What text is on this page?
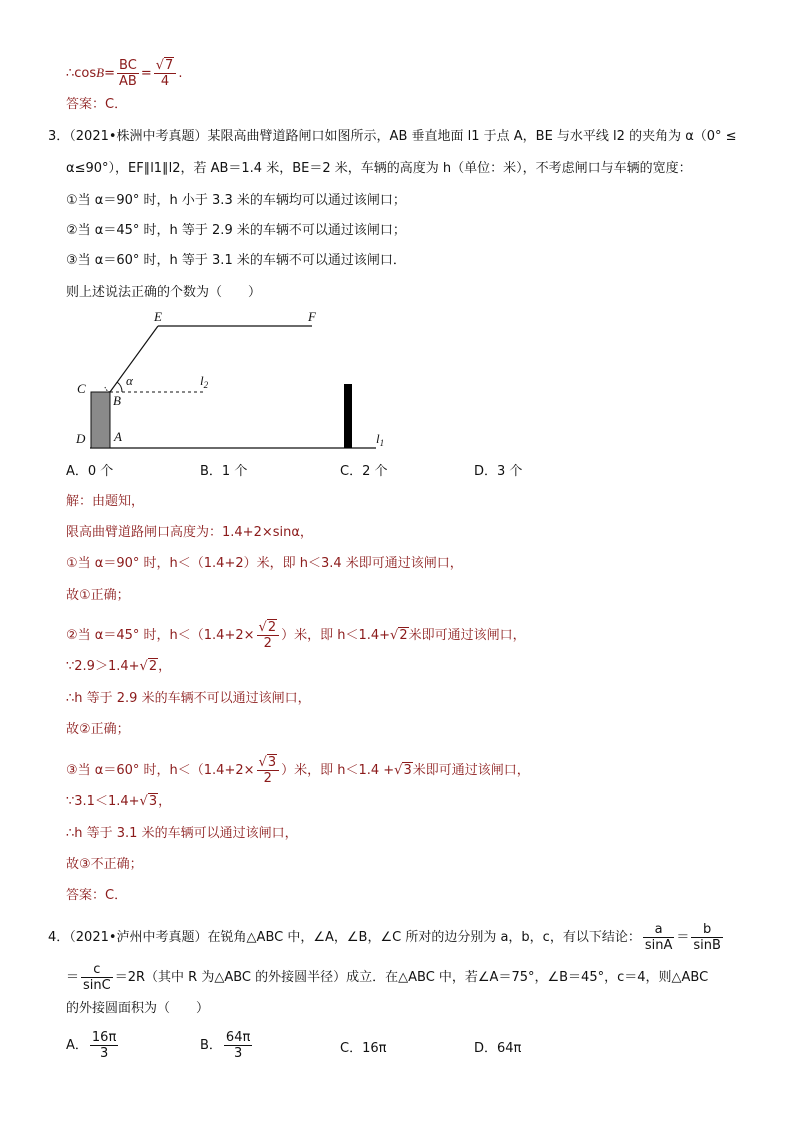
∴cosB= $\frac{BC}{AB} = \frac{√7}{4}$ .
答案：C．
3．（2021•株洲中考真题）某限高曲臂道路闸口如图所示，AB 垂直地面 l1 于点 A，BE 与水平线 l2 的夹角为 α（0° ≤
α≤90°），EF∥l1∥l2，若 AB＝1.4 米，BE＝2 米，车辆的高度为 h（单位：米），不考虑闸口与车辆的宽度：
①当 α＝90° 时，h 小于 3.3 米的车辆均可以通过该闸口；
②当 α＝45° 时，h 等于 2.9 米的车辆不可以通过该闸口；
③当 α＝60° 时，h 等于 3.1 米的车辆不可以通过该闸口．
则上述说法正确的个数为（　　）
E	F
C
B
α	$l_2$
D A	$l_1$
A．0 个	B．1 个	C．2 个	D．3 个
解：由题知，
限高曲臂道路闸口高度为：1.4+2×sinα，
①当 α＝90° 时，h＜（1.4+2）米，即 h＜3.4 米即可通过该闸口，
故①正确；
②当 α＝45° 时，$h<(1.4+2\times \frac{√2}{2}$ ）米，即 h＜1.4+√2米即可通过该闸口，
∵2.9＞1.4+√2，
∴h 等于 2.9 米的车辆不可以通过该闸口，
故②正确；
③当 α＝60° 时，$h<(1.4+2\times \frac{√3}{2}$ ）米，即 h＜1.4 +√3米即可通过该闸口，
∵3.1＜1.4+√3，
∴h 等于 3.1 米的车辆可以通过该闸口，
故③不正确；
答案：C．
4．（2021•泸州中考真题）在锐角△ABC 中，∠A，∠B，∠C 所对的边分别为 a，b，c，有以下结论： $\frac{a}{\sin A} = \frac{b}{\sin B}$
＝ $\frac{c}{\sin C} =2R$（其中 R 为△ABC 的外接圆半径）成立．在△ABC 中，若∠A＝75°，∠B＝45°，c＝4，则△ABC
的外接圆面积为（　　）
A． $\frac{16\pi}{3}$	B． $\frac{64\pi}{3}$	C．16π	D．64π
